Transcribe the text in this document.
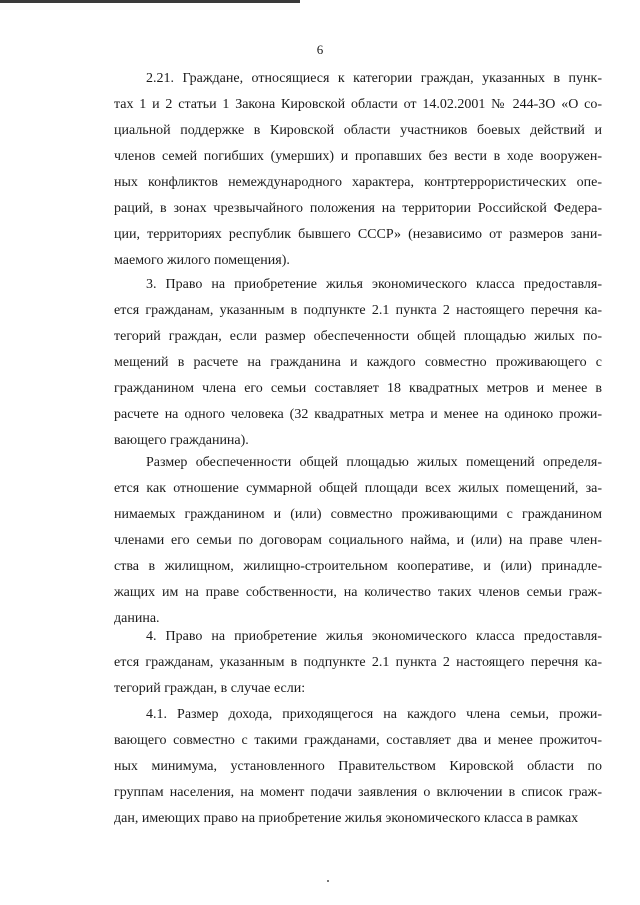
6

2.21. Граждане, относящиеся к категории граждан, указанных в пунк-
тах 1 и 2 статьи 1 Закона Кировской области от 14.02.2001 № 244-ЗО «О со-
циальной поддержке в Кировской области участников боевых действий и
членов семей погибших (умерших) и пропавших без вести в ходе вооружен-
ных конфликтов немеждународного характера, контртеррористических опе-
раций, в зонах чрезвычайного положения на территории Российской Федера-
ции, территориях республик бывшего СССР» (независимо от размеров зани-
маемого жилого помещения).

3. Право на приобретение жилья экономического класса предоставля-
ется гражданам, указанным в подпункте 2.1 пункта 2 настоящего перечня ка-
тегорий граждан, если размер обеспеченности общей площадью жилых по-
мещений в расчете на гражданина и каждого совместно проживающего с
гражданином члена его семьи составляет 18 квадратных метров и менее в
расчете на одного человека (32 квадратных метра и менее на одиноко прожи-
вающего гражданина).

Размер обеспеченности общей площадью жилых помещений определя-
ется как отношение суммарной общей площади всех жилых помещений, за-
нимаемых гражданином и (или) совместно проживающими с гражданином
членами его семьи по договорам социального найма, и (или) на праве член-
ства в жилищном, жилищно-строительном кооперативе, и (или) принадле-
жащих им на праве собственности, на количество таких членов семьи граж-
данина.

4. Право на приобретение жилья экономического класса предоставля-
ется гражданам, указанным в подпункте 2.1 пункта 2 настоящего перечня ка-
тегорий граждан, в случае если:

4.1. Размер дохода, приходящегося на каждого члена семьи, прожи-
вающего совместно с такими гражданами, составляет два и менее прожиточ-
ных минимума, установленного Правительством Кировской области по
группам населения, на момент подачи заявления о включении в список граж-
дан, имеющих право на приобретение жилья экономического класса в рамках
